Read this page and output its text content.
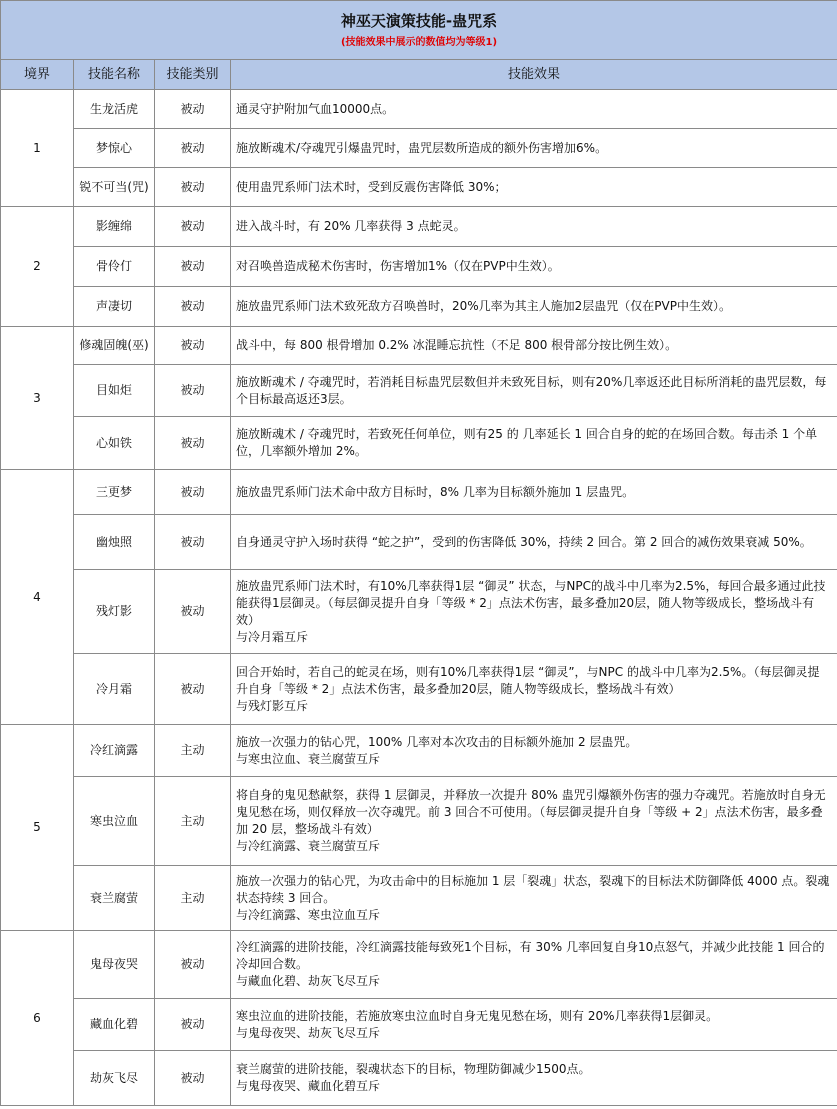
神巫天演策技能-蛊咒系
(技能效果中展示的数值均为等级1)			

境界	技能名称	技能类别	技能效果
1	生龙活虎	被动	通灵守护附加气血10000点。

	梦惊心	被动	施放断魂术/夺魂咒引爆蛊咒时，蛊咒层数所造成的额外伤害增加6%。

	锐不可当(咒)	被动	使用蛊咒系师门法术时，受到反震伤害降低 30%；

2	影缠绵	被动	进入战斗时，有 20% 几率获得 3 点蛇灵。

	骨伶仃	被动	对召唤兽造成秘术伤害时，伤害增加1%（仅在PVP中生效）。

	声凄切	被动	施放蛊咒系师门法术致死敌方召唤兽时，20%几率为其主人施加2层蛊咒（仅在PVP中生效）。

3	修魂固魄(巫)	被动	战斗中，每 800 根骨增加 0.2% 冰混睡忘抗性（不足 800 根骨部分按比例生效）。

	目如炬	被动	施放断魂术 / 夺魂咒时，若消耗目标蛊咒层数但并未致死目标，则有20%几率返还此目标所消耗的蛊咒层数，每个目标最高返还3层。

	心如铁	被动	施放断魂术 / 夺魂咒时，若致死任何单位，则有25 的 几率延长 1 回合自身的蛇的在场回合数。每击杀 1 个单位，几率额外增加 2%。

4	三更梦	被动	施放蛊咒系师门法术命中敌方目标时，8% 几率为目标额外施加 1 层蛊咒。

	幽烛照	被动	自身通灵守护入场时获得 “蛇之护”，受到的伤害降低 30%，持续 2 回合。第 2 回合的减伤效果衰减 50%。

	残灯影	被动	施放蛊咒系师门法术时，有10%几率获得1层 “御灵” 状态，与NPC的战斗中几率为2.5%，每回合最多通过此技能获得1层御灵。（每层御灵提升自身「等级 * 2」点法术伤害，最多叠加20层，随人物等级成长，整场战斗有效）
与冷月霜互斥

	冷月霜	被动	回合开始时，若自己的蛇灵在场，则有10%几率获得1层 “御灵”，与NPC 的战斗中几率为2.5%。（每层御灵提升自身「等级 * 2」点法术伤害，最多叠加20层，随人物等级成长，整场战斗有效）
与残灯影互斥

5	冷红滴露	主动	施放一次强力的钻心咒，100% 几率对本次攻击的目标额外施加 2 层蛊咒。
与寒虫泣血、衰兰腐萤互斥

	寒虫泣血	主动	将自身的鬼见愁献祭，获得 1 层御灵，并释放一次提升 80% 蛊咒引爆额外伤害的强力夺魂咒。若施放时自身无鬼见愁在场，则仅释放一次夺魂咒。前 3 回合不可使用。（每层御灵提升自身「等级 + 2」点法术伤害，最多叠加 20 层，整场战斗有效）
与冷红滴露、衰兰腐萤互斥

	衰兰腐萤	主动	施放一次强力的钻心咒，为攻击命中的目标施加 1 层「裂魂」状态，裂魂下的目标法术防御降低 4000 点。裂魂状态持续 3 回合。
与冷红滴露、寒虫泣血互斥

6	鬼母夜哭	被动	冷红滴露的进阶技能，冷红滴露技能每致死1个目标，有 30% 几率回复自身10点怒气，并减少此技能 1 回合的冷却回合数。
与藏血化碧、劫灰飞尽互斥

	藏血化碧	被动	寒虫泣血的进阶技能，若施放寒虫泣血时自身无鬼见愁在场，则有 20%几率获得1层御灵。
与鬼母夜哭、劫灰飞尽互斥

	劫灰飞尽	被动	衰兰腐萤的进阶技能，裂魂状态下的目标，物理防御减少1500点。
与鬼母夜哭、藏血化碧互斥
